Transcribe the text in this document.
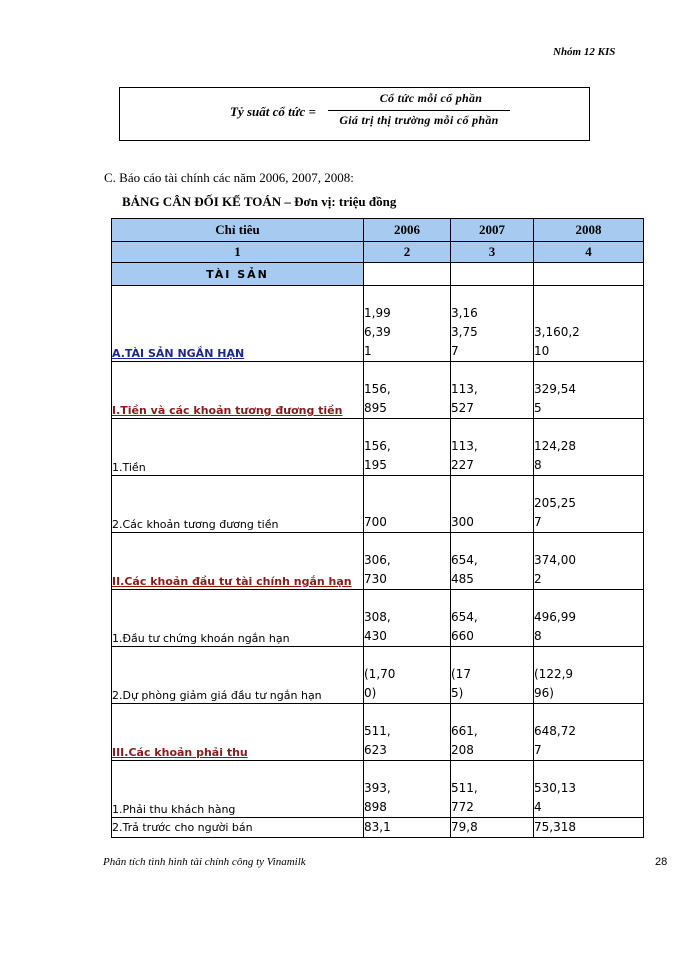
Nhóm 12 KIS
Tỷ suất cổ tức =
Cổ tức mỗi cổ phần
Giá trị thị trường mỗi cổ phần
C. Báo cáo tài chính các năm 2006, 2007, 2008:
BẢNG CÂN ĐỐI KẾ TOÁN – Đơn vị: triệu đồng
Chỉ tiêu	2006	2007	2008
1	2	3	4
TÀI SẢN			
A.TÀI SẢN NGẮN HẠN	1,996,391	3,163,757	3,160,210

I.Tiền và các khoản tương đương tiền	156,895	113,527	329,545

1.Tiền	156,195	113,227	124,288

2.Các khoản tương đương tiền	700	300	205,257

II.Các khoản đầu tư tài chính ngắn hạn	306,730	654,485	374,002

1.Đầu tư chứng khoán ngắn hạn	308,430	654,660	496,998

2.Dự phòng giảm giá đầu tư ngắn hạn	(1,700)	(175)	(122,996)

III.Các khoản phải thu	511,623	661,208	648,727

1.Phải thu khách hàng	393,898	511,772	530,134

2.Trả trước cho người bán	83,1	79,8	75,318
Phân tích tình hình tài chính công ty Vinamilk	28
